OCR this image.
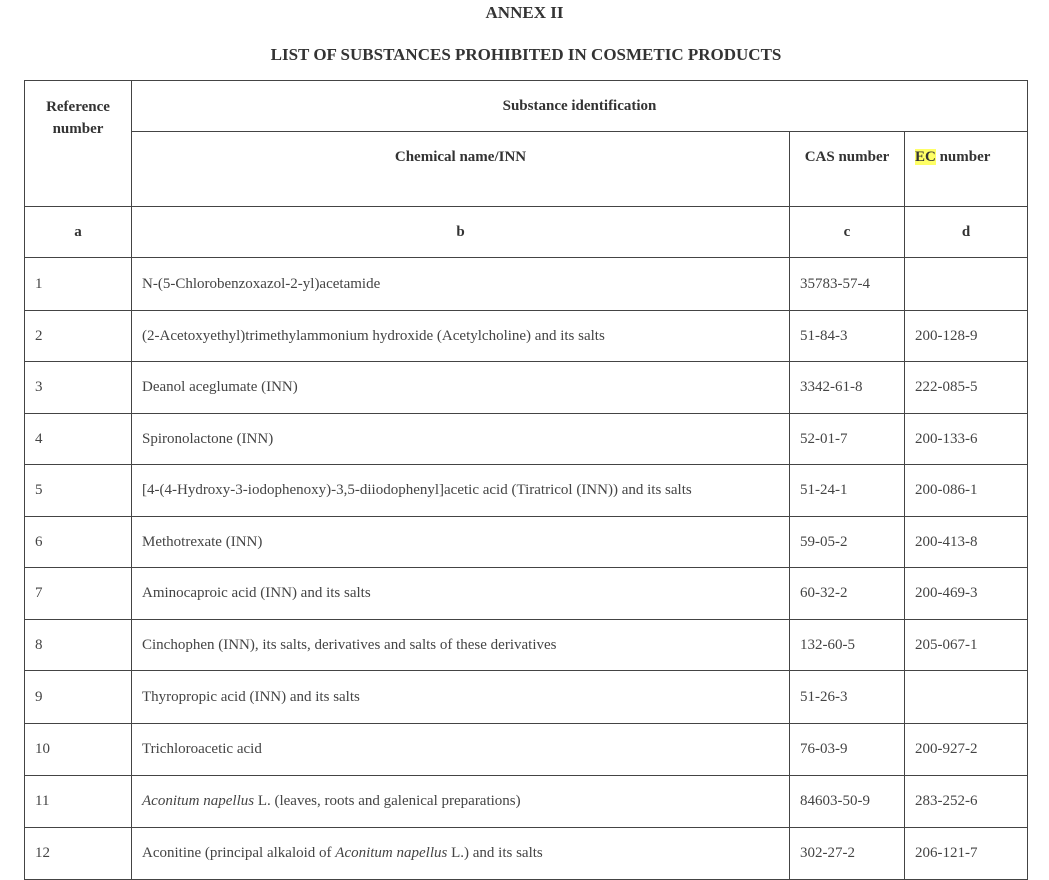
ANNEX II
LIST OF SUBSTANCES PROHIBITED IN COSMETIC PRODUCTS
Reference number	Substance identification		
	Chemical name/INN	CAS number	EC number
a	b	c	d
1	N-(5-Chlorobenzoxazol-2-yl)acetamide	35783-57-4	
2	(2-Acetoxyethyl)trimethylammonium hydroxide (Acetylcholine) and its salts	51-84-3	200-128-9
3	Deanol aceglumate (INN)	3342-61-8	222-085-5
4	Spironolactone (INN)	52-01-7	200-133-6
5	[4-(4-Hydroxy-3-iodophenoxy)-3,5-diiodophenyl]acetic acid (Tiratricol (INN)) and its salts	51-24-1	200-086-1
6	Methotrexate (INN)	59-05-2	200-413-8
7	Aminocaproic acid (INN) and its salts	60-32-2	200-469-3
8	Cinchophen (INN), its salts, derivatives and salts of these derivatives	132-60-5	205-067-1
9	Thyropropic acid (INN) and its salts	51-26-3	
10	Trichloroacetic acid	76-03-9	200-927-2
11	Aconitum napellus L. (leaves, roots and galenical preparations)	84603-50-9	283-252-6
12	Aconitine (principal alkaloid of Aconitum napellus L.) and its salts	302-27-2	206-121-7
